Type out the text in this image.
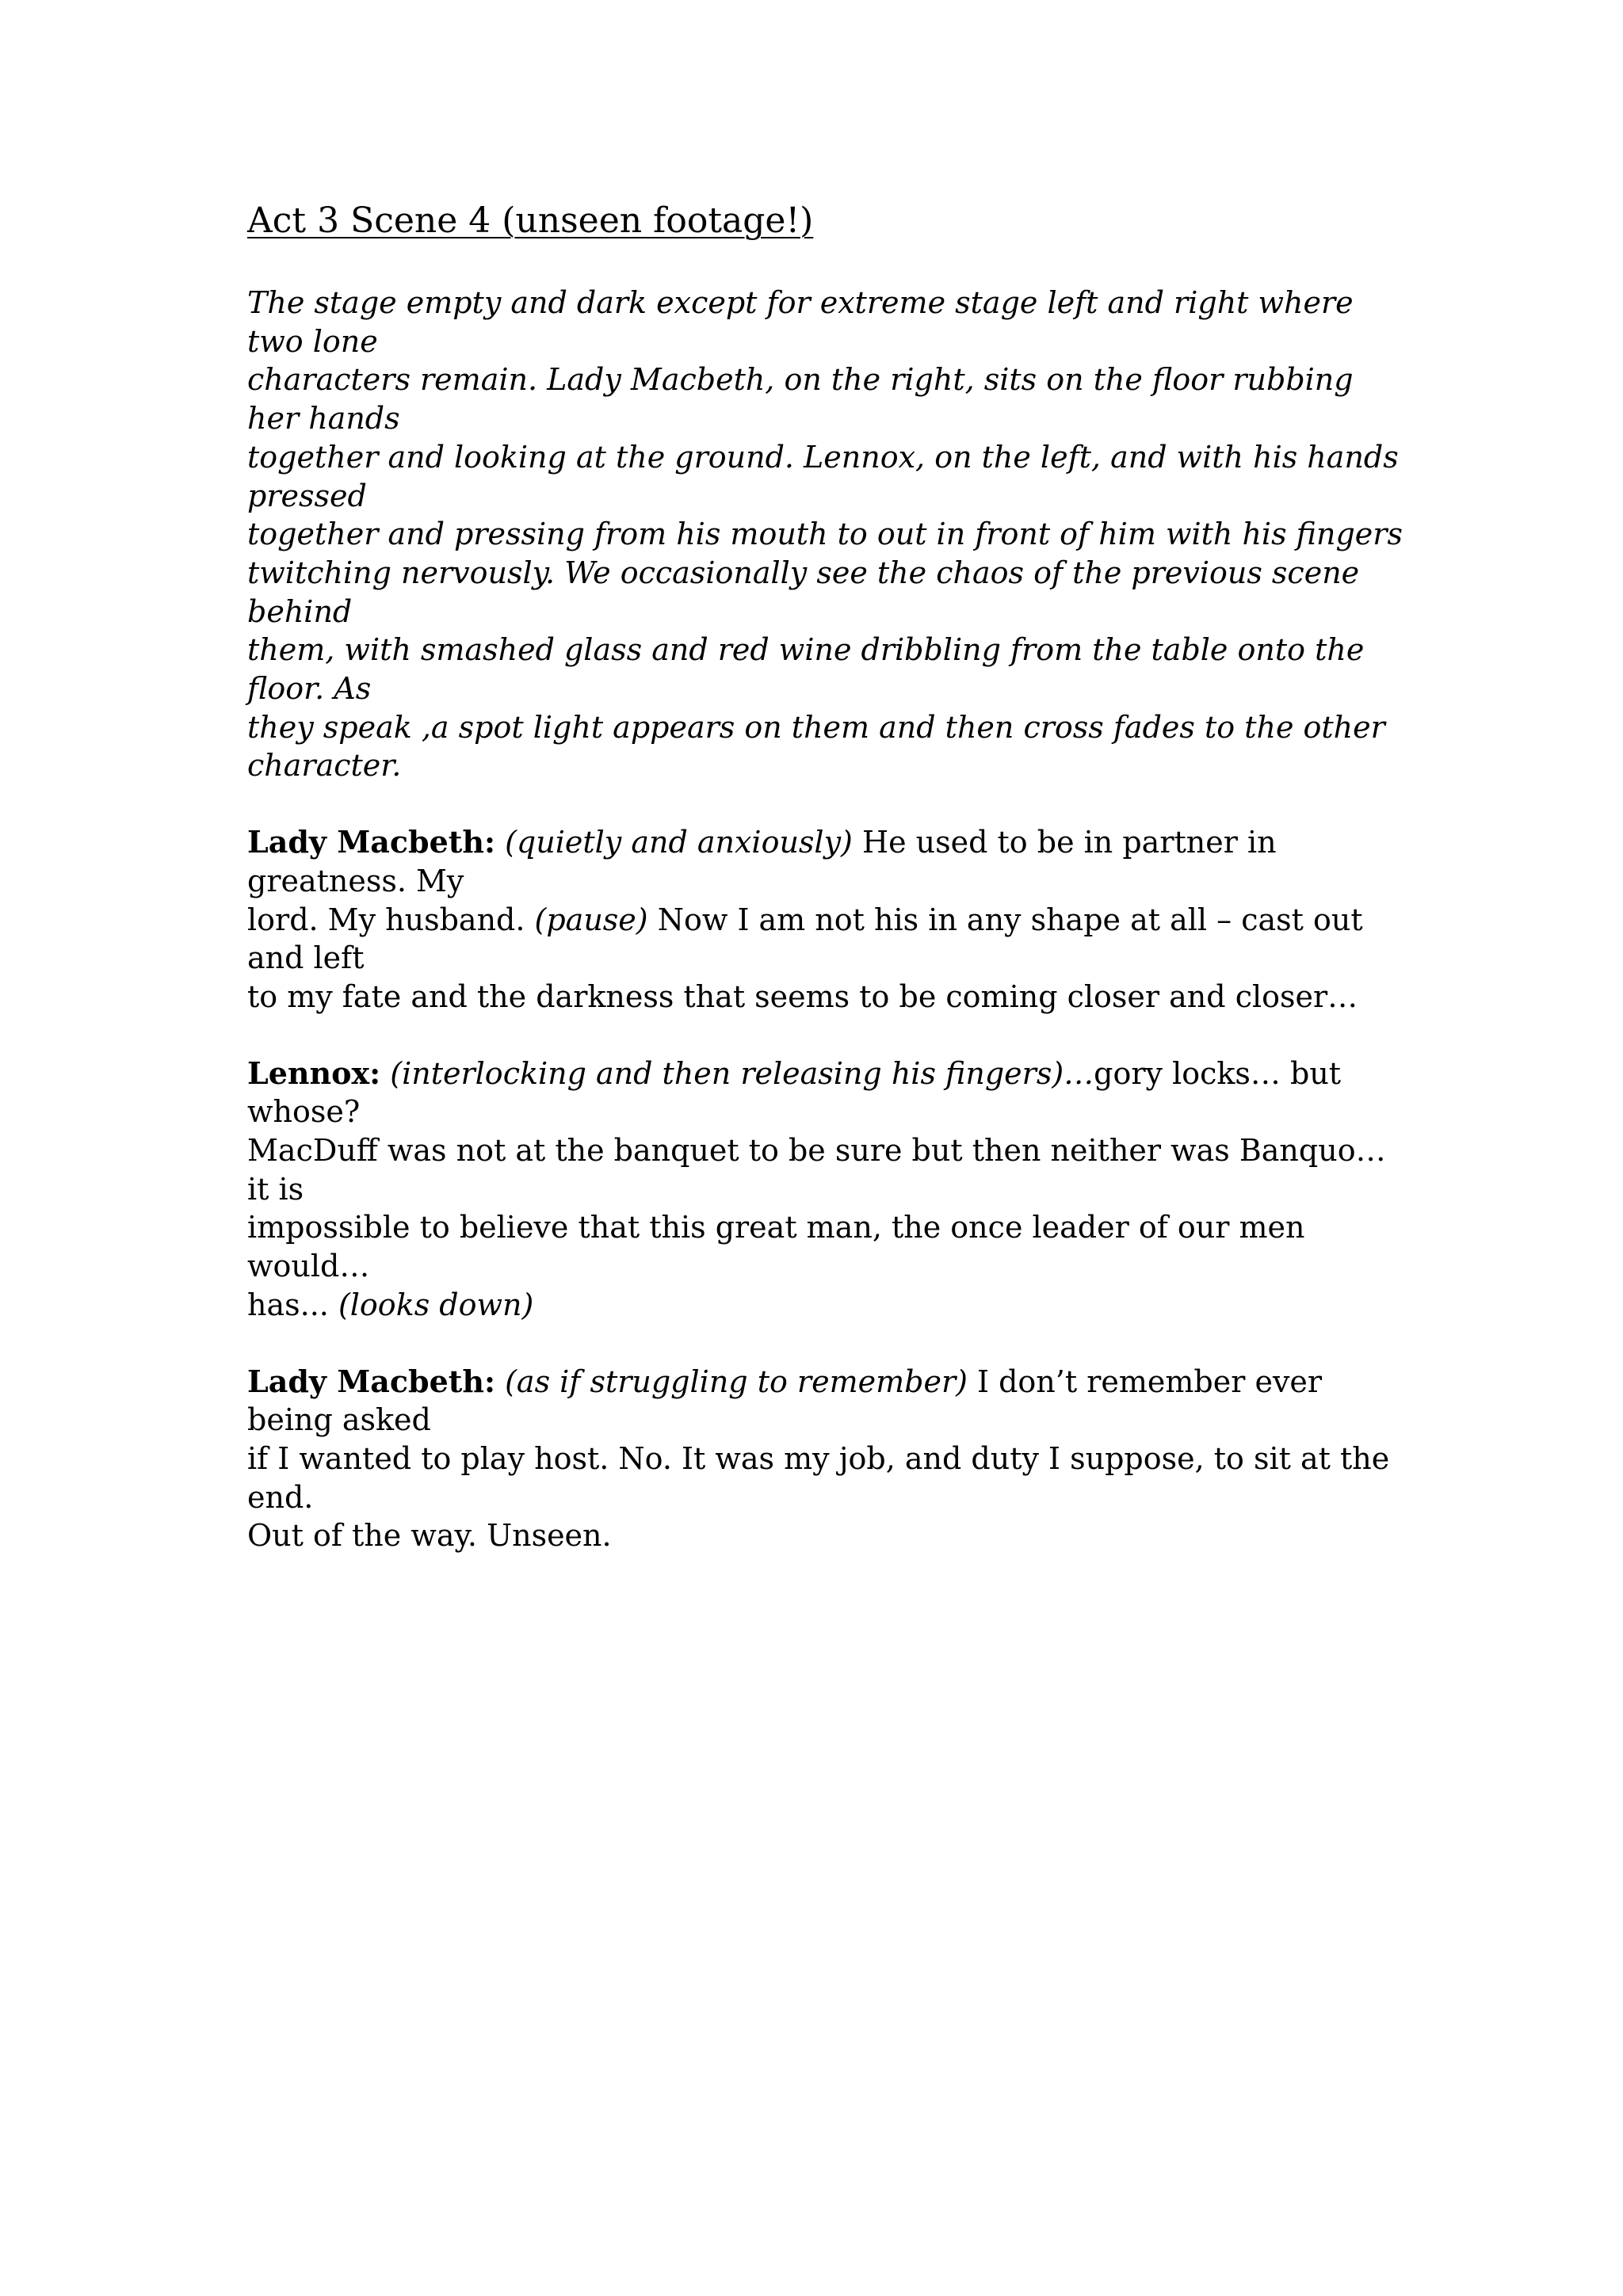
Act 3 Scene 4 (unseen footage!)

The stage empty and dark except for extreme stage left and right where two lone
characters remain. Lady Macbeth, on the right, sits on the floor rubbing her hands
together and looking at the ground. Lennox, on the left, and with his hands pressed
together and pressing from his mouth to out in front of him with his fingers
twitching nervously. We occasionally see the chaos of the previous scene behind
them, with smashed glass and red wine dribbling from the table onto the floor. As
they speak ,a spot light appears on them and then cross fades to the other
character.

Lady Macbeth: (quietly and anxiously) He used to be in partner in greatness. My
lord. My husband. (pause) Now I am not his in any shape at all – cast out and left
to my fate and the darkness that seems to be coming closer and closer…

Lennox: (interlocking and then releasing his fingers)…gory locks… but whose?
MacDuff was not at the banquet to be sure but then neither was Banquo…it is
impossible to believe that this great man, the once leader of our men would…
has... (looks down)

Lady Macbeth: (as if struggling to remember) I don’t remember ever being asked
if I wanted to play host. No. It was my job, and duty I suppose, to sit at the end.
Out of the way. Unseen.
